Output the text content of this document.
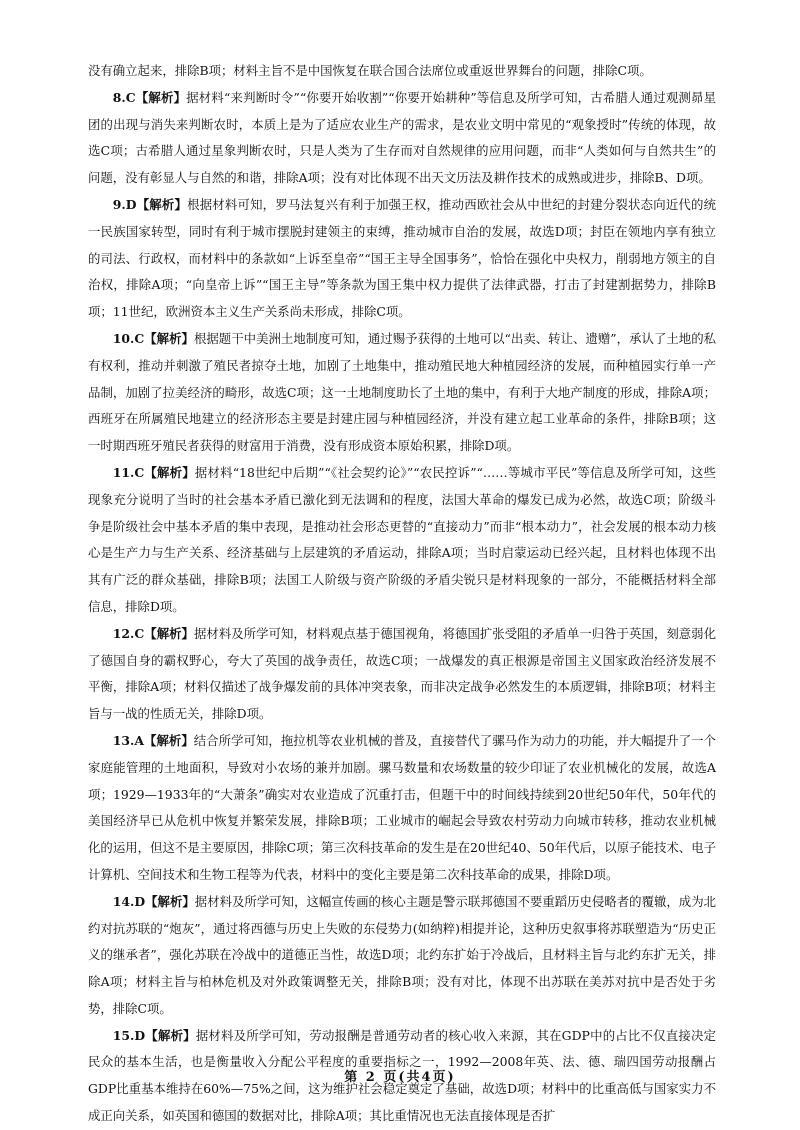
没有确立起来，排除B项；材料主旨不是中国恢复在联合国合法席位或重返世界舞台的问题，排除C项。

8.C【解析】据材料“来判断时令”“你要开始收割”“你要开始耕种”等信息及所学可知，古希腊人通过观测昴星团的出现与消失来判断农时，本质上是为了适应农业生产的需求，是农业文明中常见的“观象授时”传统的体现，故选C项；古希腊人通过星象判断农时，只是人类为了生存而对自然规律的应用问题，而非“人类如何与自然共生”的问题，没有彰显人与自然的和谐，排除A项；没有对比体现不出天文历法及耕作技术的成熟或进步，排除B、D项。

9.D【解析】根据材料可知，罗马法复兴有利于加强王权，推动西欧社会从中世纪的封建分裂状态向近代的统一民族国家转型，同时有利于城市摆脱封建领主的束缚，推动城市自治的发展，故选D项；封臣在领地内享有独立的司法、行政权，而材料中的条款如“上诉至皇帝”“国王主导全国事务”，恰恰在强化中央权力，削弱地方领主的自治权，排除A项；“向皇帝上诉”“国王主导”等条款为国王集中权力提供了法律武器，打击了封建割据势力，排除B项；11世纪，欧洲资本主义生产关系尚未形成，排除C项。

10.C【解析】根据题干中美洲土地制度可知，通过赐予获得的土地可以“出卖、转让、遗赠”，承认了土地的私有权利，推动并刺激了殖民者掠夺土地，加剧了土地集中，推动殖民地大种植园经济的发展，而种植园实行单一产品制，加剧了拉美经济的畸形，故选C项；这一土地制度助长了土地的集中，有利于大地产制度的形成，排除A项；西班牙在所属殖民地建立的经济形态主要是封建庄园与种植园经济，并没有建立起工业革命的条件，排除B项；这一时期西班牙殖民者获得的财富用于消费，没有形成资本原始积累，排除D项。

11.C【解析】据材料“18世纪中后期”“《社会契约论》”“农民控诉”“……等城市平民”等信息及所学可知，这些现象充分说明了当时的社会基本矛盾已激化到无法调和的程度，法国大革命的爆发已成为必然，故选C项；阶级斗争是阶级社会中基本矛盾的集中表现，是推动社会形态更替的“直接动力”而非“根本动力”，社会发展的根本动力核心是生产力与生产关系、经济基础与上层建筑的矛盾运动，排除A项；当时启蒙运动已经兴起，且材料也体现不出其有广泛的群众基础，排除B项；法国工人阶级与资产阶级的矛盾尖锐只是材料现象的一部分，不能概括材料全部信息，排除D项。

12.C【解析】据材料及所学可知，材料观点基于德国视角，将德国扩张受阻的矛盾单一归咎于英国，刻意弱化了德国自身的霸权野心，夸大了英国的战争责任，故选C项；一战爆发的真正根源是帝国主义国家政治经济发展不平衡，排除A项；材料仅描述了战争爆发前的具体冲突表象，而非决定战争必然发生的本质逻辑，排除B项；材料主旨与一战的性质无关，排除D项。

13.A【解析】结合所学可知，拖拉机等农业机械的普及，直接替代了骡马作为动力的功能，并大幅提升了一个家庭能管理的土地面积，导致对小农场的兼并加剧。骡马数量和农场数量的较少印证了农业机械化的发展，故选A项；1929—1933年的“大萧条”确实对农业造成了沉重打击，但题干中的时间线持续到20世纪50年代，50年代的美国经济早已从危机中恢复并繁荣发展，排除B项；工业城市的崛起会导致农村劳动力向城市转移，推动农业机械化的运用，但这不是主要原因，排除C项；第三次科技革命的发生是在20世纪40、50年代后，以原子能技术、电子计算机、空间技术和生物工程等为代表，材料中的变化主要是第二次科技革命的成果，排除D项。

14.D【解析】据材料及所学可知，这幅宣传画的核心主题是警示联邦德国不要重蹈历史侵略者的覆辙，成为北约对抗苏联的“炮灰”，通过将西德与历史上失败的东侵势力(如纳粹)相提并论，这种历史叙事将苏联塑造为“历史正义的继承者”，强化苏联在冷战中的道德正当性，故选D项；北约东扩始于冷战后，且材料主旨与北约东扩无关，排除A项；材料主旨与柏林危机及对外政策调整无关，排除B项；没有对比，体现不出苏联在美苏对抗中是否处于劣势，排除C项。

15.D【解析】据材料及所学可知，劳动报酬是普通劳动者的核心收入来源，其在GDP中的占比不仅直接决定民众的基本生活，也是衡量收入分配公平程度的重要指标之一，1992—2008年英、法、德、瑞四国劳动报酬占GDP比重基本维持在60%—75%之间，这为维护社会稳定奠定了基础，故选D项；材料中的比重高低与国家实力不成正向关系，如英国和德国的数据对比，排除A项；其比重情况也无法直接体现是否扩

第 2 页(共4页)
